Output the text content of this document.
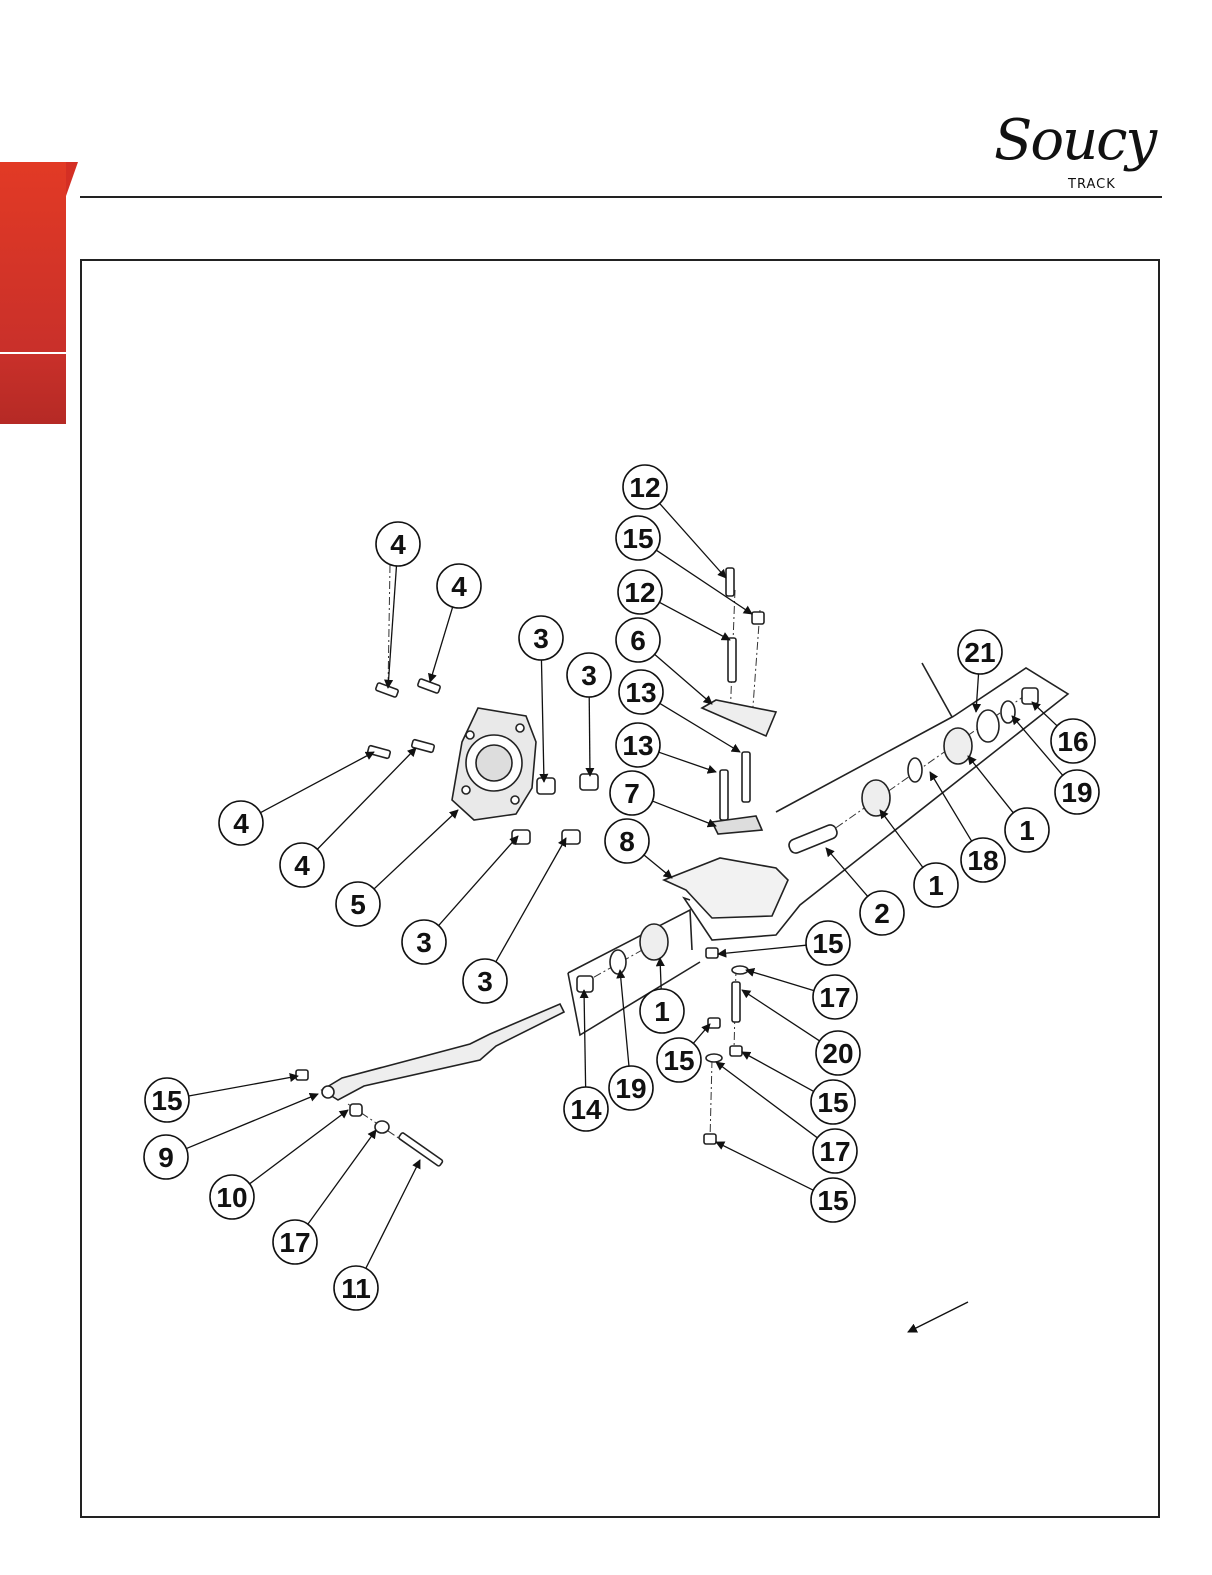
Soucy
TRACK
12
15
12
6
13
13
7
8
4
4
3
3
4
4
5
3
3
21
16
19
1
18
1
2
15
17
20
1
19
14
15
15
17
15
15
9
10
17
11
